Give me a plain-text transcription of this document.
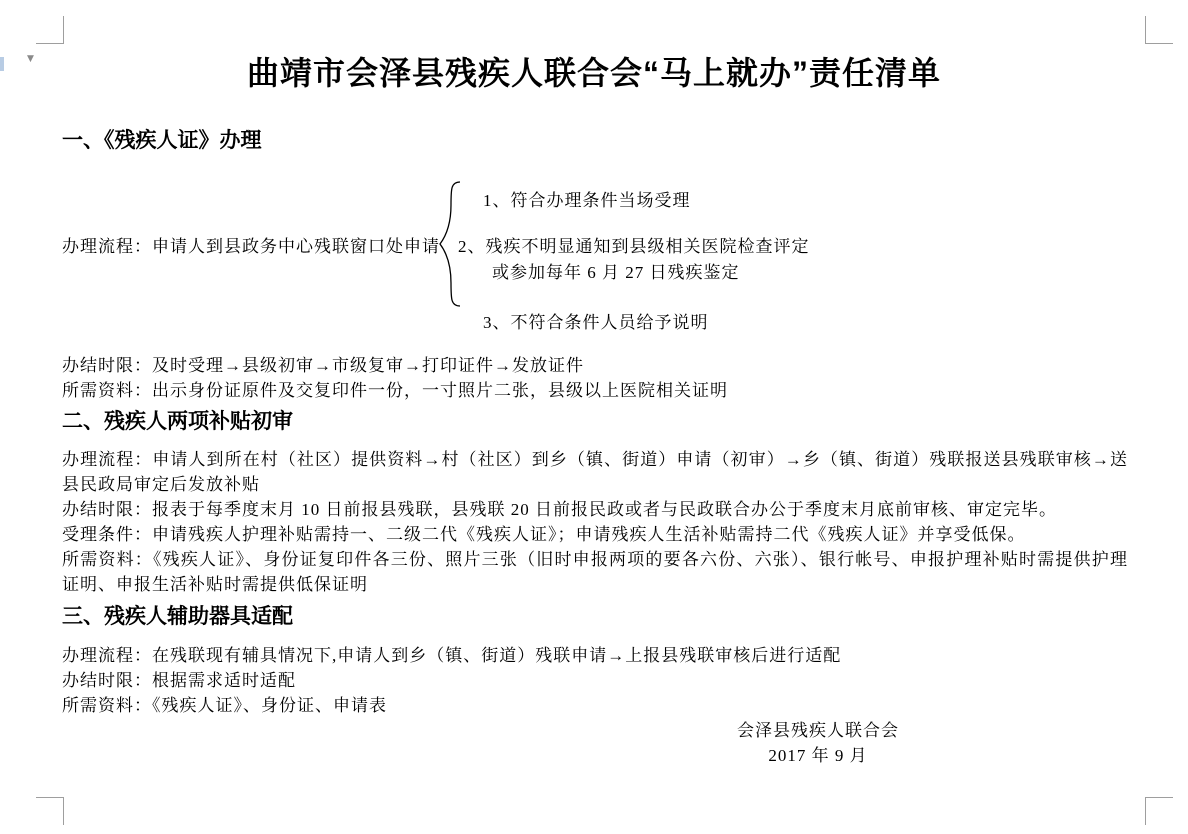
▼	曲靖市会泽县残疾人联合会“马上就办”责任清单
一、《残疾人证》办理
办理流程：申请人到县政务中心残联窗口处申请
1、符合办理条件当场受理
2、残疾不明显通知到县级相关医院检查评定
或参加每年 6 月 27 日残疾鉴定
3、不符合条件人员给予说明
办结时限：及时受理→县级初审→市级复审→打印证件→发放证件
所需资料：出示身份证原件及交复印件一份，一寸照片二张，县级以上医院相关证明
二、残疾人两项补贴初审
办理流程：申请人到所在村（社区）提供资料→村（社区）到乡（镇、街道）申请（初审）→乡（镇、街道）残联报送县残联审核→送县民政局审定后发放补贴
办结时限：报表于每季度末月 10 日前报县残联，县残联 20 日前报民政或者与民政联合办公于季度末月底前审核、审定完毕。
受理条件：申请残疾人护理补贴需持一、二级二代《残疾人证》；申请残疾人生活补贴需持二代《残疾人证》并享受低保。
所需资料：《残疾人证》、身份证复印件各三份、照片三张（旧时申报两项的要各六份、六张）、银行帐号、申报护理补贴时需提供护理证明、申报生活补贴时需提供低保证明
三、残疾人辅助器具适配
办理流程：在残联现有辅具情况下,申请人到乡（镇、街道）残联申请→上报县残联审核后进行适配
办结时限：根据需求适时适配
所需资料：《残疾人证》、身份证、申请表
会泽县残疾人联合会
2017 年 9 月
